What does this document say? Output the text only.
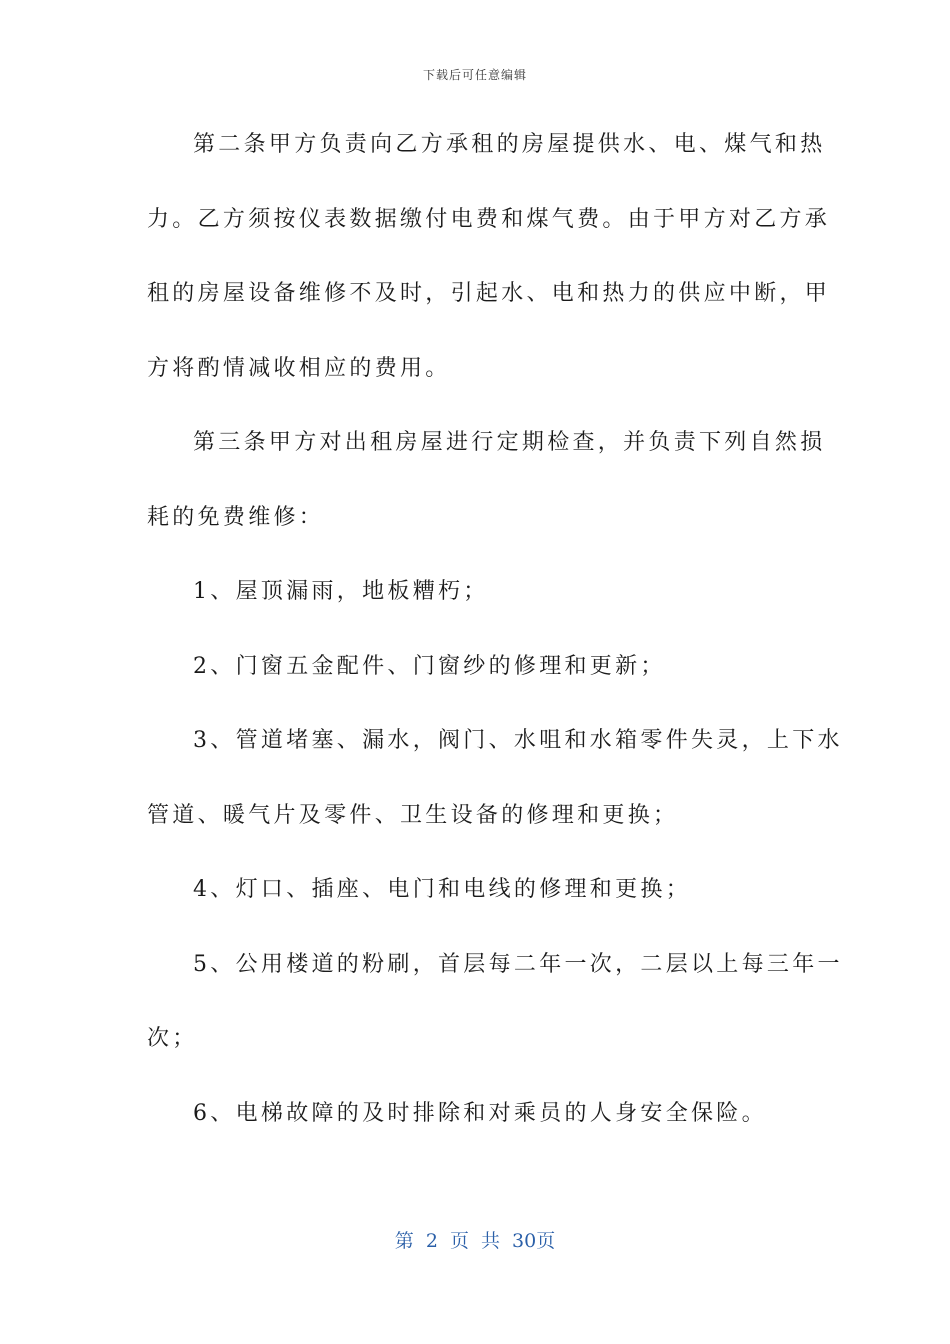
下载后可任意编辑
第二条甲方负责向乙方承租的房屋提供水、电、煤气和热
力。乙方须按仪表数据缴付电费和煤气费。由于甲方对乙方承
租的房屋设备维修不及时，引起水、电和热力的供应中断，甲
方将酌情减收相应的费用。
第三条甲方对出租房屋进行定期检查，并负责下列自然损
耗的免费维修：
1、屋顶漏雨，地板糟朽；
2、门窗五金配件、门窗纱的修理和更新；
3、管道堵塞、漏水，阀门、水咀和水箱零件失灵，上下水
管道、暖气片及零件、卫生设备的修理和更换；
4、灯口、插座、电门和电线的修理和更换；
5、公用楼道的粉刷，首层每二年一次，二层以上每三年一
次；
6、电梯故障的及时排除和对乘员的人身安全保险。
第 2 页 共 30页
